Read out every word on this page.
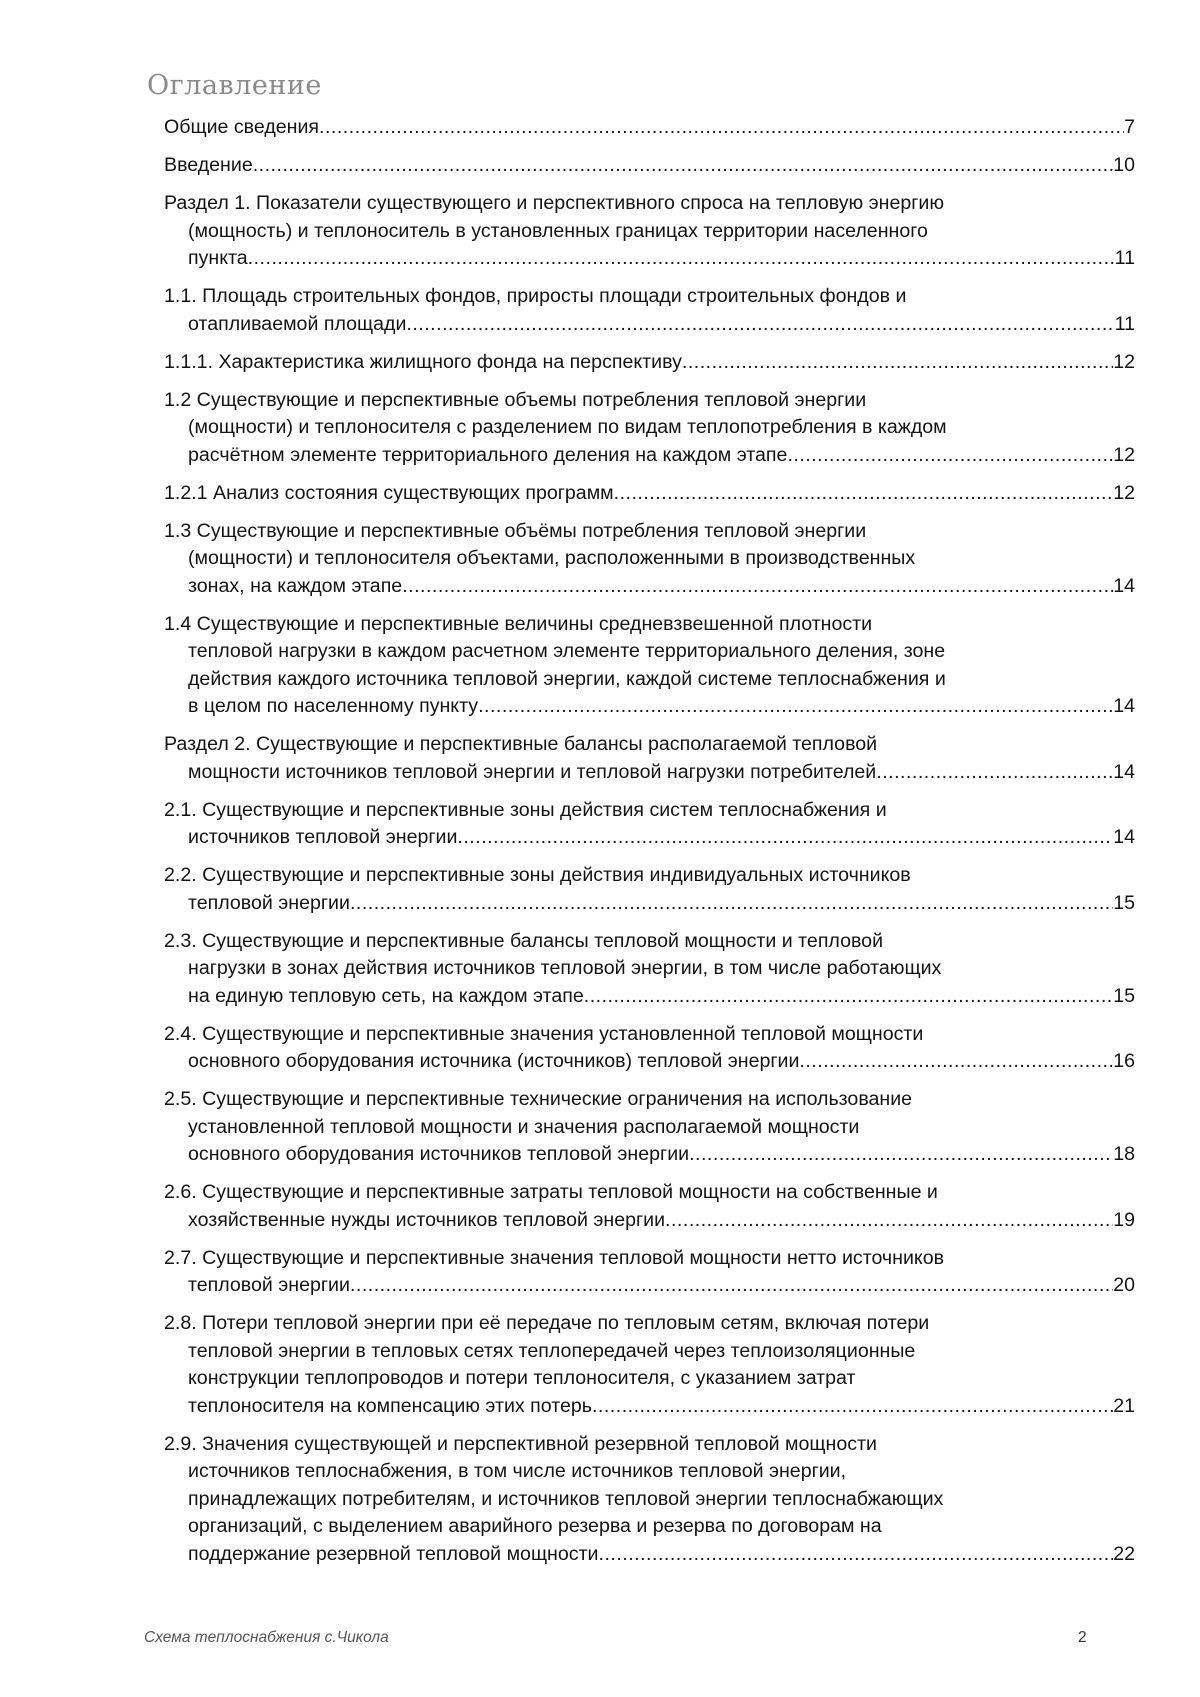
Оглавление
Общие сведения .....	7
Введение .....	10
Раздел 1. Показатели существующего и перспективного спроса на тепловую энергию
(мощность) и теплоноситель в установленных границах территории населенного
пункта .....	11
1.1. Площадь строительных фондов, приросты площади строительных фондов и
отапливаемой площади .....	11
1.1.1. Характеристика жилищного фонда на перспективу .....	12
1.2 Существующие и перспективные объемы потребления тепловой энергии
(мощности) и теплоносителя с разделением по видам теплопотребления в каждом
расчётном элементе территориального деления на каждом этапе .....	12
1.2.1 Анализ состояния существующих программ .....	12
1.3 Существующие и перспективные объёмы потребления тепловой энергии
(мощности) и теплоносителя объектами, расположенными в производственных
зонах, на каждом этапе .....	14
1.4 Существующие и перспективные величины средневзвешенной плотности
тепловой нагрузки в каждом расчетном элементе территориального деления, зоне
действия каждого источника тепловой энергии, каждой системе теплоснабжения и
в целом по населенному пункту .....	14
Раздел 2. Существующие и перспективные балансы располагаемой тепловой
мощности источников тепловой энергии и тепловой нагрузки потребителей .....	14
2.1. Существующие и перспективные зоны действия систем теплоснабжения и
источников тепловой энергии .....	14
2.2. Существующие и перспективные зоны действия индивидуальных источников
тепловой энергии .....	15
2.3. Существующие и перспективные балансы тепловой мощности и тепловой
нагрузки в зонах действия источников тепловой энергии, в том числе работающих
на единую тепловую сеть, на каждом этапе .....	15
2.4. Существующие и перспективные значения установленной тепловой мощности
основного оборудования источника (источников) тепловой энергии .....	16
2.5. Существующие и перспективные технические ограничения на использование
установленной тепловой мощности и значения располагаемой мощности
основного оборудования источников тепловой энергии .....	18
2.6. Существующие и перспективные затраты тепловой мощности на собственные и
хозяйственные нужды источников тепловой энергии .....	19
2.7. Существующие и перспективные значения тепловой мощности нетто источников
тепловой энергии .....	20
2.8. Потери тепловой энергии при её передаче по тепловым сетям, включая потери
тепловой энергии в тепловых сетях теплопередачей через теплоизоляционные
конструкции теплопроводов и потери теплоносителя, с указанием затрат
теплоносителя на компенсацию этих потерь .....	21
2.9. Значения существующей и перспективной резервной тепловой мощности
источников теплоснабжения, в том числе источников тепловой энергии,
принадлежащих потребителям, и источников тепловой энергии теплоснабжающих
организаций, с выделением аварийного резерва и резерва по договорам на
поддержание резервной тепловой мощности .....	22
Схема теплоснабжения с.Чикола	2
